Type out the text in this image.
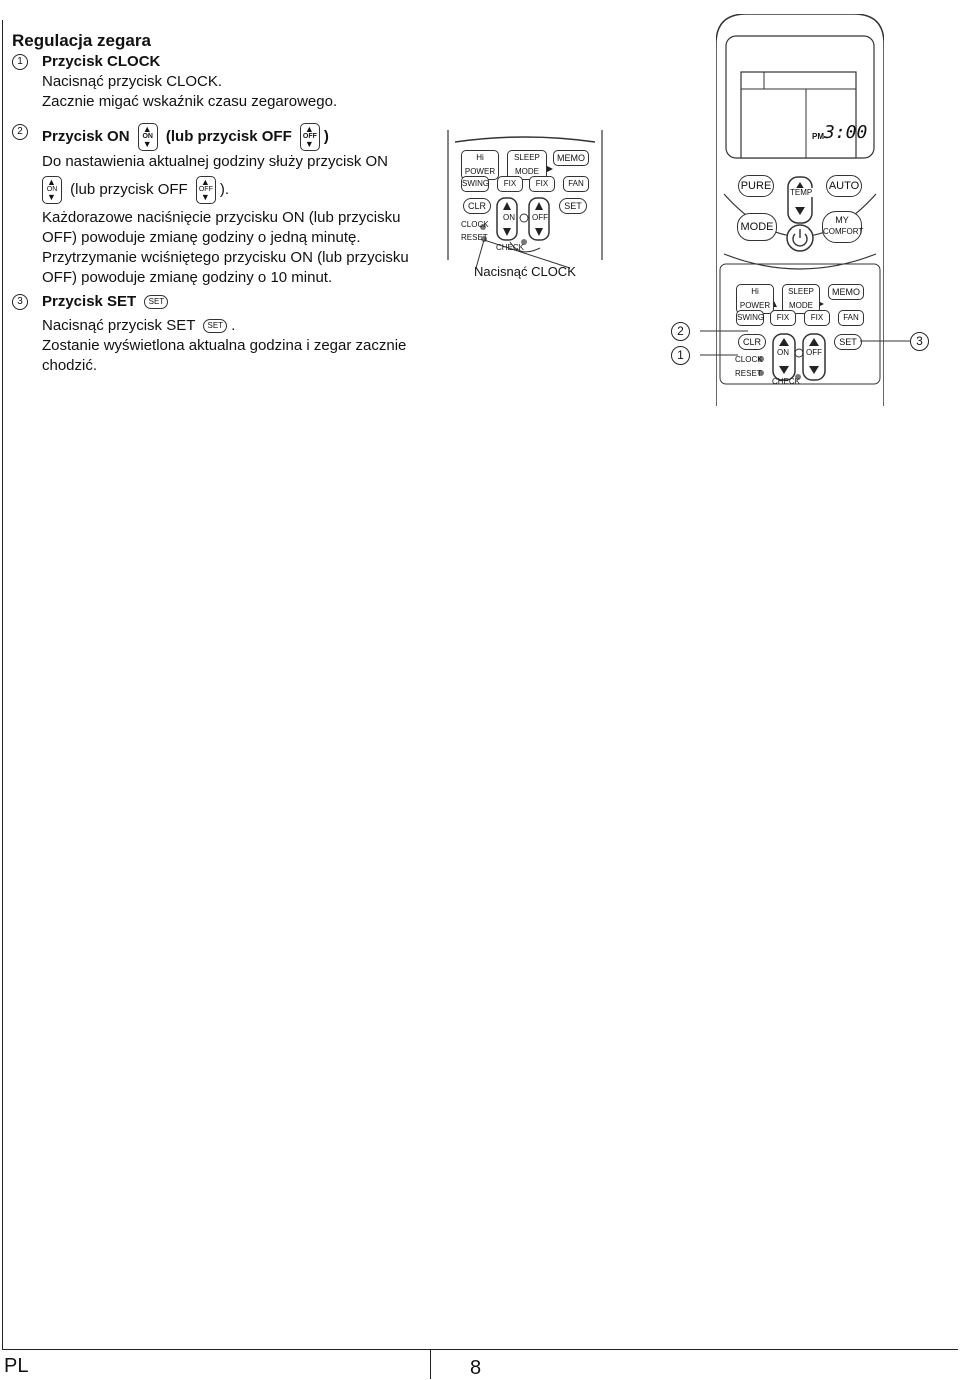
Regulacja zegara
1	Przycisk CLOCK
Nacisnąć przycisk CLOCK.
Zacznie migać wskaźnik czasu zegarowego.
2	Przycisk ON ▲
ON
▼ (lub przycisk OFF ▲
OFF
▼ )
Do nastawienia aktualnej godziny służy przycisk ON
▲
ON
▼ (lub przycisk OFF ▲
OFF
▼ ).
Każdorazowe naciśnięcie przycisku ON (lub przycisku OFF) powoduje zmianę godziny o jedną minutę.
Przytrzymanie wciśniętego przycisku ON (lub przycisku OFF) powoduje zmianę godziny o 10 minut.
3	Przycisk SET SET
Nacisnąć przycisk SET SET .
Zostanie wyświetlona aktualna godzina i zegar zacznie chodzić.
Hi POWER
SLEEP MODE
MEMO
SWING	FIX	FIX	FAN
CLR	SET
ON OFF
CLOCK
RESET
CHECK
Nacisnąć CLOCK
PM 3:00
PURE
TEMP
AUTO
MODE
MY
COMFORT
Hi POWER
SLEEP MODE
MEMO
SWING	FIX	FIX	FAN
CLR	SET
ON OFF
CLOCK
RESET
CHECK
2
1
3
PL	8
